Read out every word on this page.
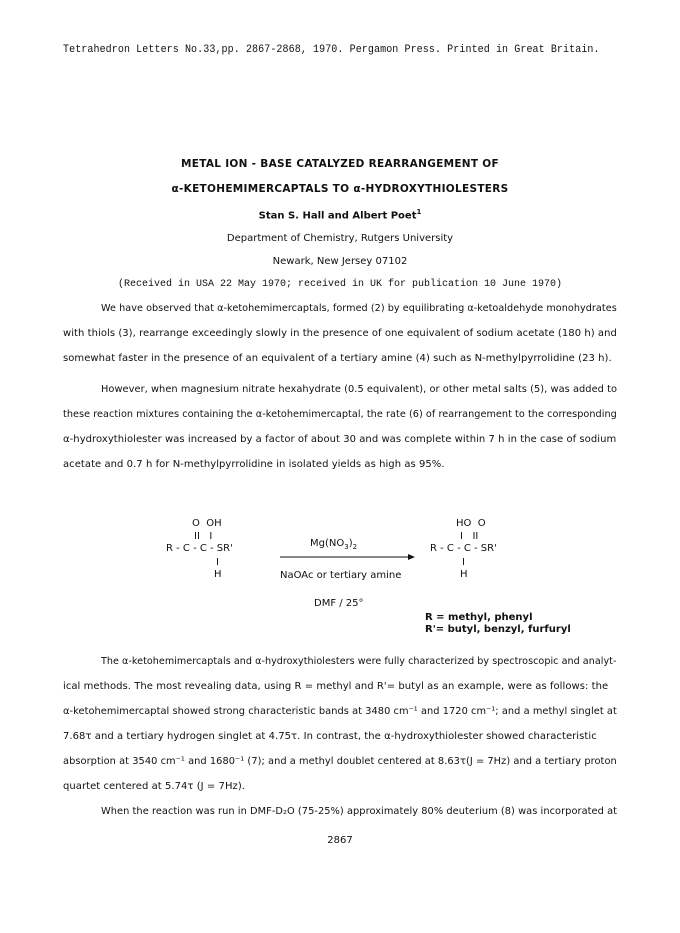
Tetrahedron Letters No.33,pp. 2867-2868, 1970. Pergamon Press. Printed in Great Britain.
METAL ION - BASE CATALYZED REARRANGEMENT OF
α-KETOHEMIMERCAPTALS TO α-HYDROXYTHIOLESTERS
Stan S. Hall and Albert Poet$^1$
Department of Chemistry, Rutgers University
Newark, New Jersey 07102
(Received in USA 22 May 1970; received in UK for publication 10 June 1970)
We have observed that α-ketohemimercaptals, formed (2) by equilibrating α-ketoaldehyde monohydrates
with thiols (3), rearrange exceedingly slowly in the presence of one equivalent of sodium acetate (180 h) and
somewhat faster in the presence of an equivalent of a tertiary amine (4) such as N-methylpyrrolidine (23 h).
However, when magnesium nitrate hexahydrate (0.5 equivalent), or other metal salts (5), was added to
these reaction mixtures containing the α-ketohemimercaptal, the rate (6) of rearrangement to the corresponding
α-hydroxythiolester was increased by a factor of about 30 and was complete within 7 h in the case of sodium
acetate and 0.7 h for N-methylpyrrolidine in isolated yields as high as 95%.
O  OH
II   I
R - C - C - SR'
I
H
$Mg(NO_3)_2$
NaOAc or tertiary amine
DMF / 25°
HO  O
I   II
R - C - C - SR'
I
H
R = methyl, phenyl
R'= butyl, benzyl, furfuryl
The α-ketohemimercaptals and α-hydroxythiolesters were fully characterized by spectroscopic and analyt-
ical methods. The most revealing data, using R = methyl and R'= butyl as an example, were as follows: the
α-ketohemimercaptal showed strong characteristic bands at 3480 cm⁻¹ and 1720 cm⁻¹; and a methyl singlet at
7.68τ and a tertiary hydrogen singlet at 4.75τ. In contrast, the α-hydroxythiolester showed characteristic
absorption at 3540 cm⁻¹ and 1680⁻¹ (7); and a methyl doublet centered at 8.63τ(J = 7Hz) and a tertiary proton
quartet centered at 5.74τ (J = 7Hz).
When the reaction was run in DMF-D₂O (75-25%) approximately 80% deuterium (8) was incorporated at
2867
